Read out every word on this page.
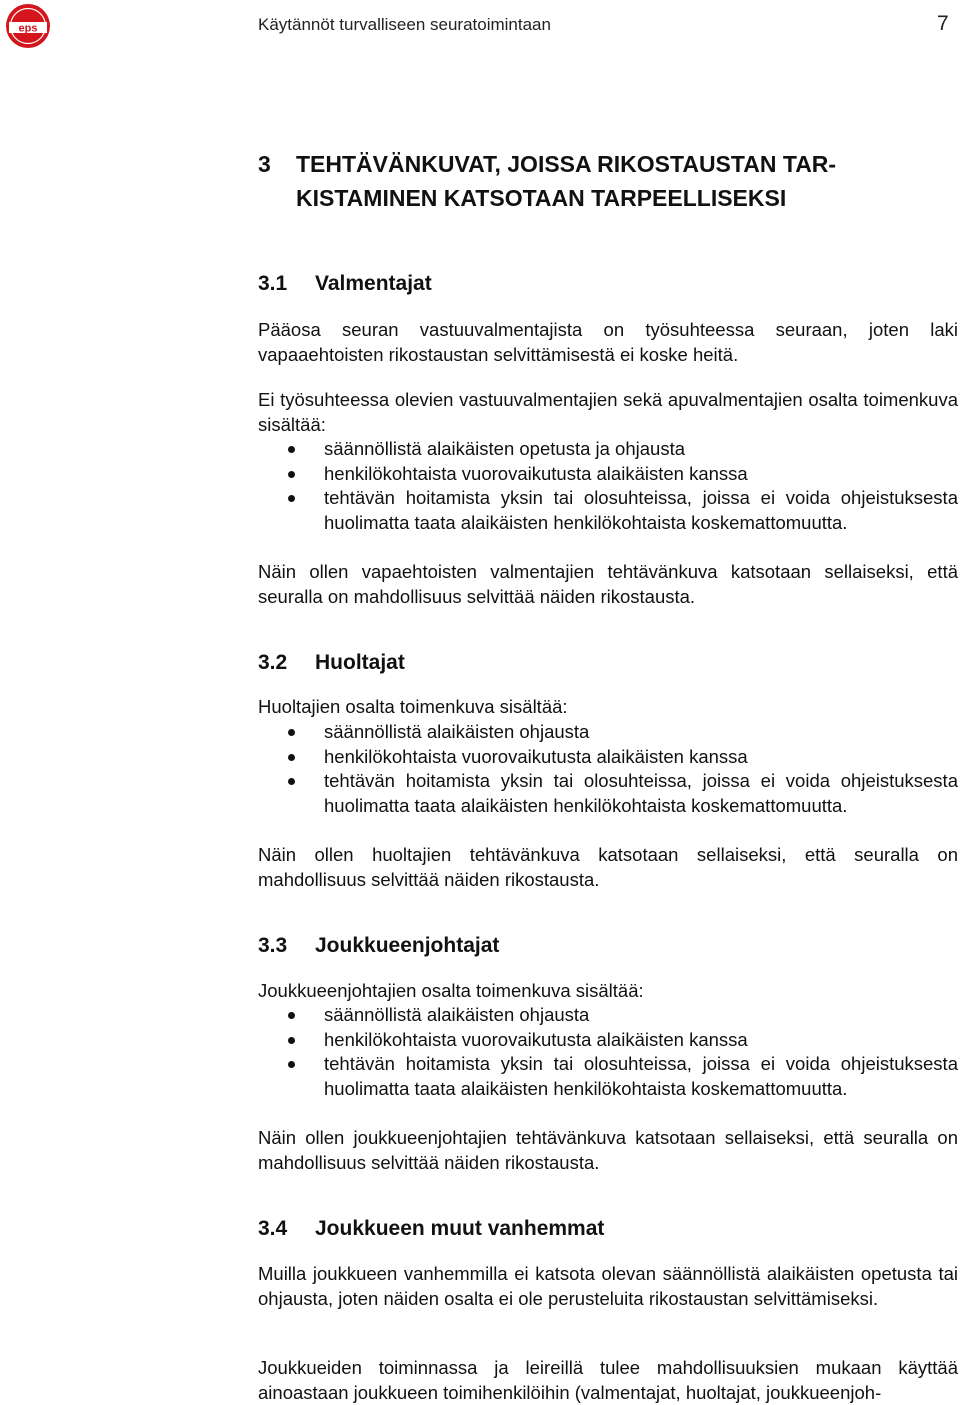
eps	Käytännöt turvalliseen seuratoimintaan	7
3	TEHTÄVÄNKUVAT, JOISSA RIKOSTAUSTAN TAR-KISTAMINEN KATSOTAAN TARPEELLISEKSI
3.1	Valmentajat

Pääosa seuran vastuuvalmentajista on työsuhteessa seuraan, joten laki vapaaehtoisten rikostaustan selvittämisestä ei koske heitä.

Ei työsuhteessa olevien vastuuvalmentajien sekä apuvalmentajien osalta toimenkuva sisältää:

säännöllistä alaikäisten opetusta ja ohjausta
henkilökohtaista vuorovaikutusta alaikäisten kanssa
tehtävän hoitamista yksin tai olosuhteissa, joissa ei voida ohjeistuksesta huolimatta taata alaikäisten henkilökohtaista koskemattomuutta.

Näin ollen vapaehtoisten valmentajien tehtävänkuva katsotaan sellaiseksi, että seuralla on mahdollisuus selvittää näiden rikostausta.

3.2	Huoltajat

Huoltajien osalta toimenkuva sisältää:

säännöllistä alaikäisten ohjausta
henkilökohtaista vuorovaikutusta alaikäisten kanssa
tehtävän hoitamista yksin tai olosuhteissa, joissa ei voida ohjeistuksesta huolimatta taata alaikäisten henkilökohtaista koskemattomuutta.

Näin ollen huoltajien tehtävänkuva katsotaan sellaiseksi, että seuralla on mahdollisuus selvittää näiden rikostausta.

3.3	Joukkueenjohtajat

Joukkueenjohtajien osalta toimenkuva sisältää:

säännöllistä alaikäisten ohjausta
henkilökohtaista vuorovaikutusta alaikäisten kanssa
tehtävän hoitamista yksin tai olosuhteissa, joissa ei voida ohjeistuksesta huolimatta taata alaikäisten henkilökohtaista koskemattomuutta.

Näin ollen joukkueenjohtajien tehtävänkuva katsotaan sellaiseksi, että seuralla on mahdollisuus selvittää näiden rikostausta.

3.4	Joukkueen muut vanhemmat

Muilla joukkueen vanhemmilla ei katsota olevan säännöllistä alaikäisten opetusta tai ohjausta, joten näiden osalta ei ole perusteluita rikostaustan selvittämiseksi.

Joukkueiden toiminnassa ja leireillä tulee mahdollisuuksien mukaan käyttää ainoastaan joukkueen toimihenkilöihin (valmentajat, huoltajat, joukkueenjoh-
